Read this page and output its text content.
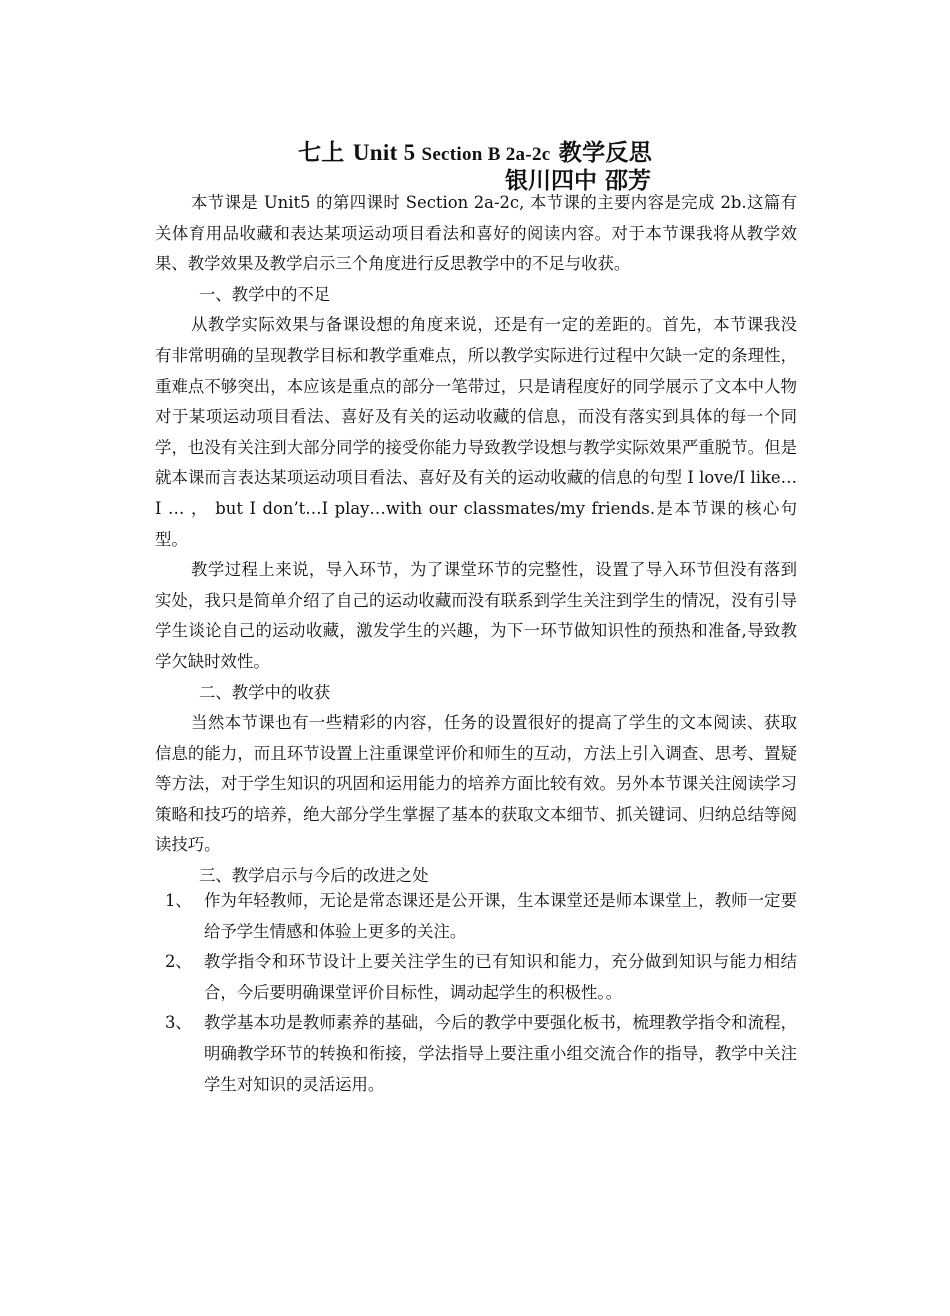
七上 Unit 5 Section B 2a-2c 教学反思
银川四中 邵芳

本节课是 Unit5 的第四课时 Section 2a-2c, 本节课的主要内容是完成 2b.这篇有关体育用品收藏和表达某项运动项目看法和喜好的阅读内容。对于本节课我将从教学效果、教学效果及教学启示三个角度进行反思教学中的不足与收获。

一、教学中的不足

从教学实际效果与备课设想的角度来说，还是有一定的差距的。首先，本节课我没有非常明确的呈现教学目标和教学重难点，所以教学实际进行过程中欠缺一定的条理性，重难点不够突出，本应该是重点的部分一笔带过，只是请程度好的同学展示了文本中人物对于某项运动项目看法、喜好及有关的运动收藏的信息，而没有落实到具体的每一个同学，也没有关注到大部分同学的接受你能力导致教学设想与教学实际效果严重脱节。但是就本课而言表达某项运动项目看法、喜好及有关的运动收藏的信息的句型 I love/I like… I … ， but I don’t…I play…with our classmates/my friends.是本节课的核心句型。

教学过程上来说，导入环节，为了课堂环节的完整性，设置了导入环节但没有落到实处，我只是简单介绍了自己的运动收藏而没有联系到学生关注到学生的情况，没有引导学生谈论自己的运动收藏，激发学生的兴趣，为下一环节做知识性的预热和准备,导致教学欠缺时效性。

二、教学中的收获

当然本节课也有一些精彩的内容，任务的设置很好的提高了学生的文本阅读、获取信息的能力，而且环节设置上注重课堂评价和师生的互动，方法上引入调查、思考、置疑等方法，对于学生知识的巩固和运用能力的培养方面比较有效。另外本节课关注阅读学习策略和技巧的培养，绝大部分学生掌握了基本的获取文本细节、抓关键词、归纳总结等阅读技巧。

三、教学启示与今后的改进之处

1、 作为年轻教师，无论是常态课还是公开课，生本课堂还是师本课堂上，教师一定要给予学生情感和体验上更多的关注。

2、 教学指令和环节设计上要关注学生的已有知识和能力，充分做到知识与能力相结合，今后要明确课堂评价目标性，调动起学生的积极性。。

3、 教学基本功是教师素养的基础，今后的教学中要强化板书，梳理教学指令和流程，明确教学环节的转换和衔接，学法指导上要注重小组交流合作的指导，教学中关注学生对知识的灵活运用。
